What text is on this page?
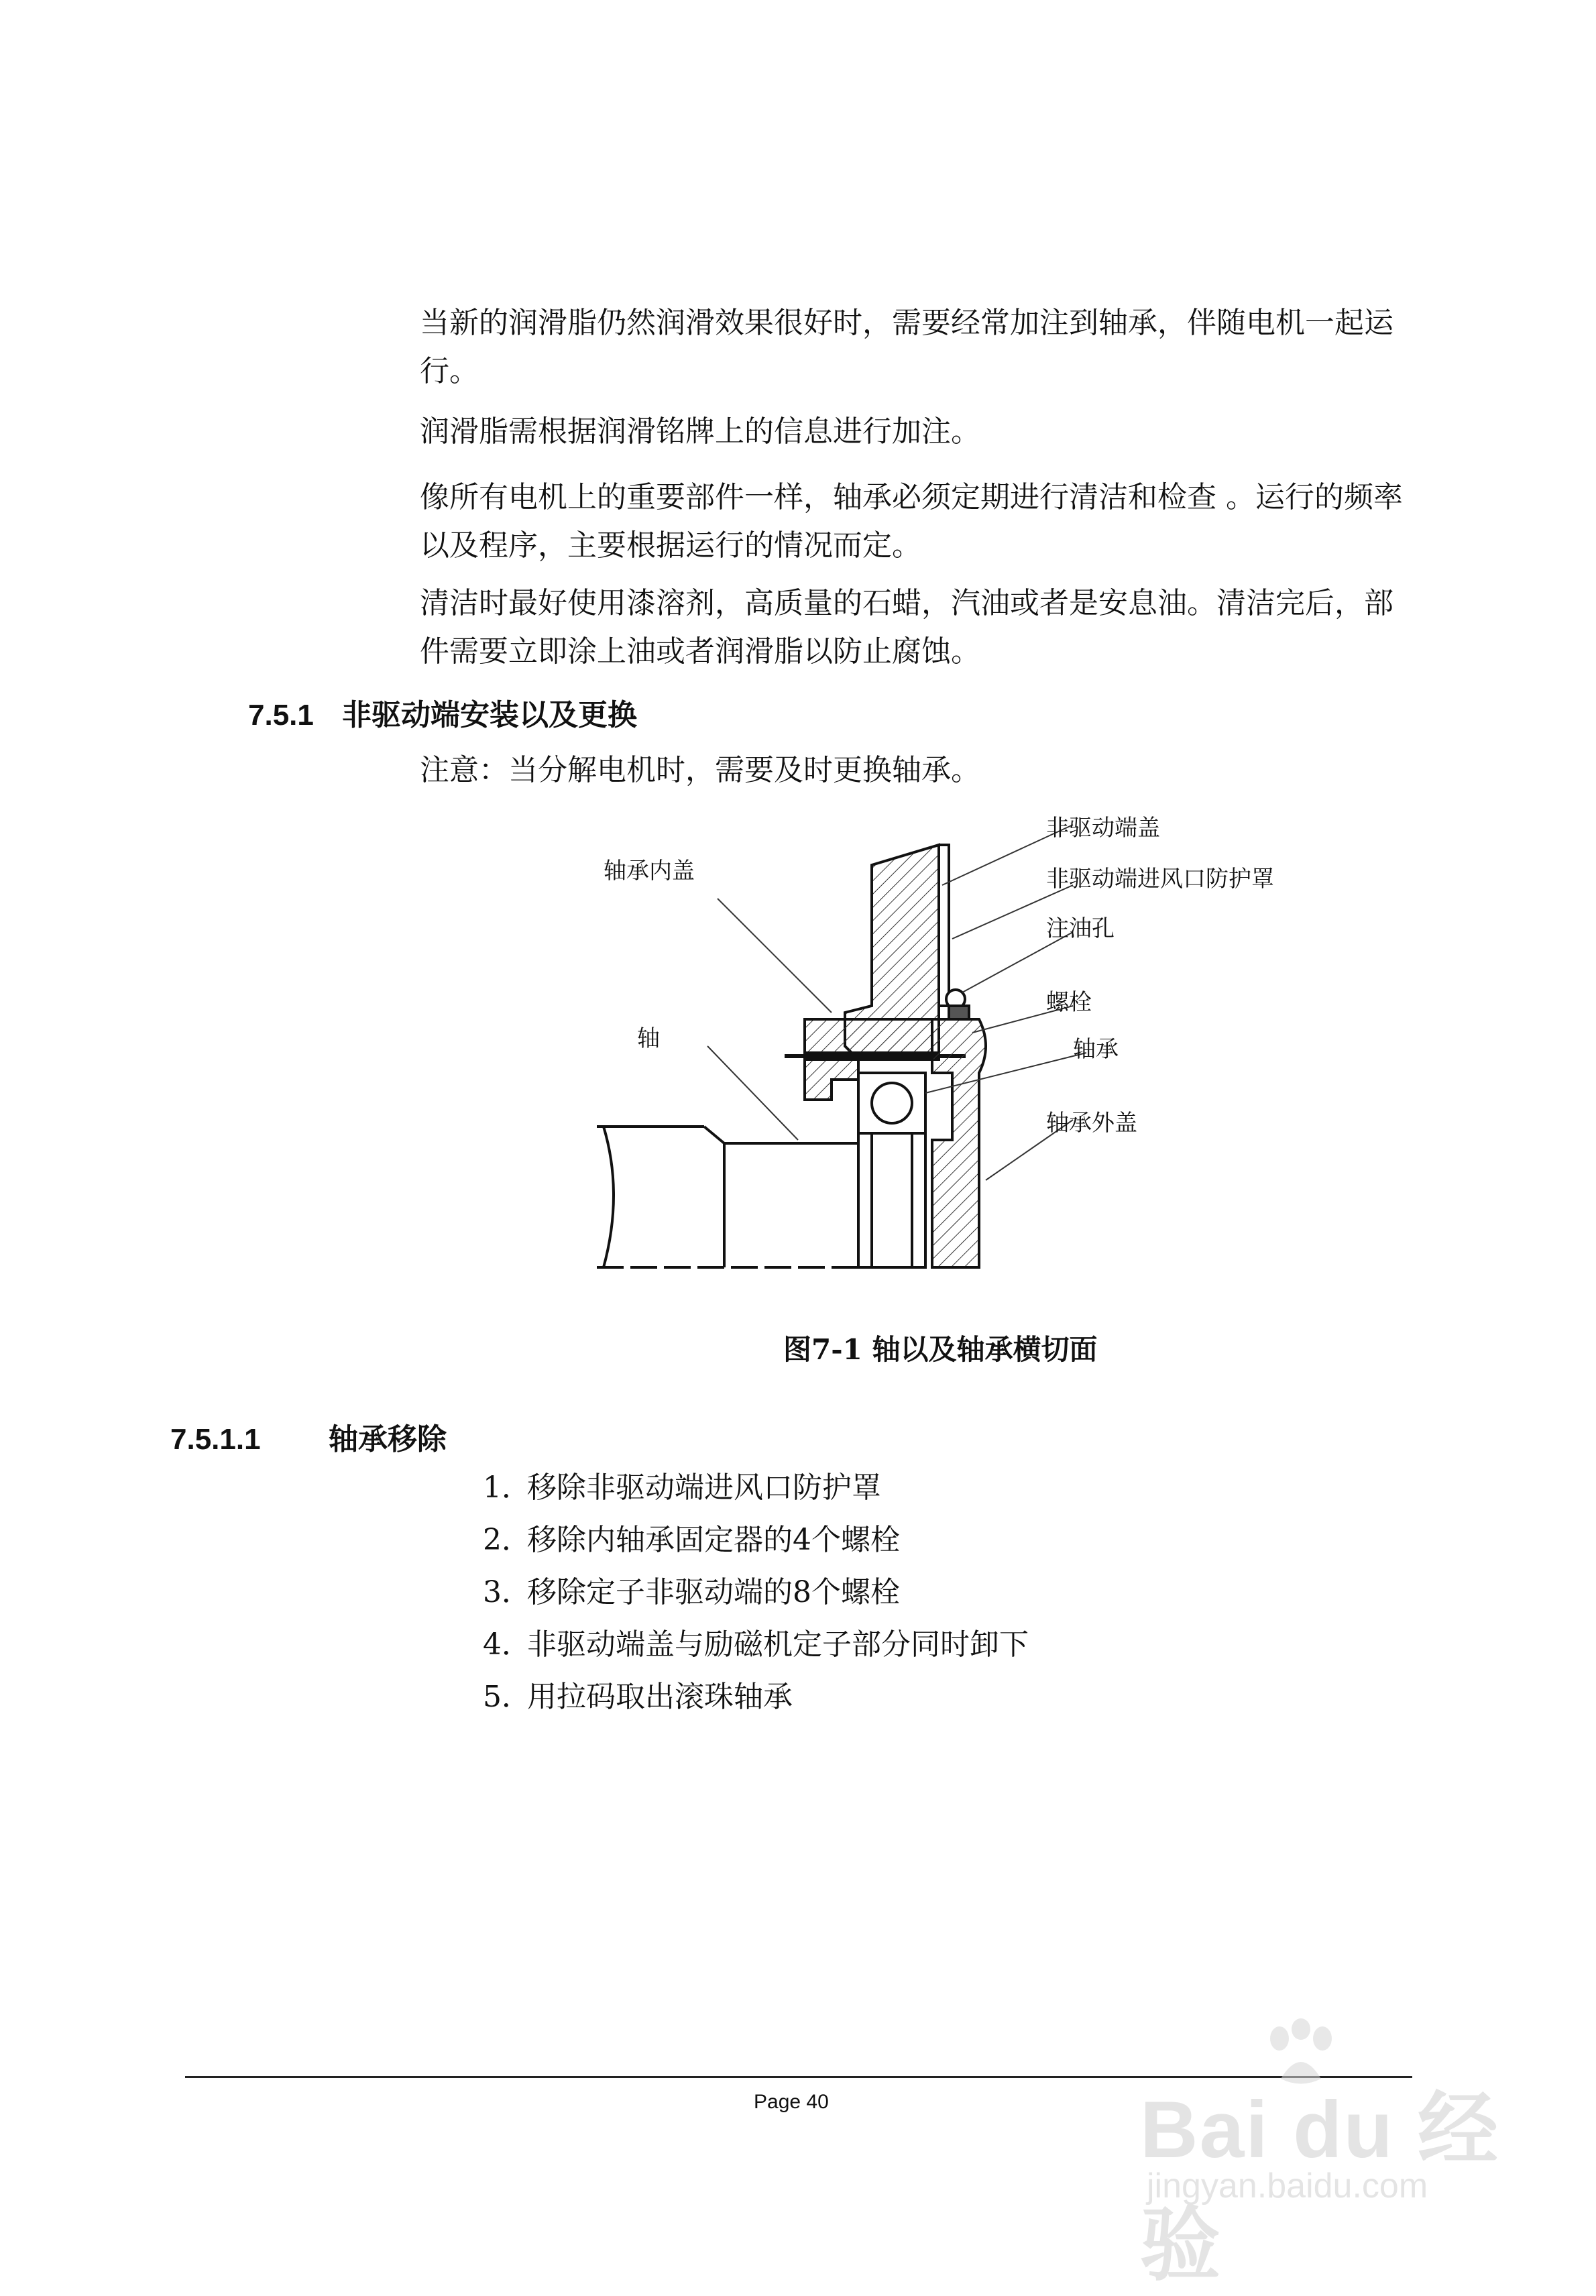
当新的润滑脂仍然润滑效果很好时，需要经常加注到轴承，伴随电机一起运行。

润滑脂需根据润滑铭牌上的信息进行加注。

像所有电机上的重要部件一样，轴承必须定期进行清洁和检查 。运行的频率以及程序，主要根据运行的情况而定。

清洁时最好使用漆溶剂，高质量的石蜡，汽油或者是安息油。清洁完后，部件需要立即涂上油或者润滑脂以防止腐蚀。

7.5.1 非驱动端安装以及更换

注意：当分解电机时，需要及时更换轴承。

轴承内盖
轴
非驱动端盖
非驱动端进风口防护罩
注油孔
螺栓
轴承
轴承外盖

图7-1 轴以及轴承横切面

7.5.1.1 轴承移除
1．移除非驱动端进风口防护罩
2．移除内轴承固定器的4个螺栓
3．移除定子非驱动端的8个螺栓
4．非驱动端盖与励磁机定子部分同时卸下
5．用拉码取出滚珠轴承
Page 40	Bai du 经验
jingyan.baidu.com
